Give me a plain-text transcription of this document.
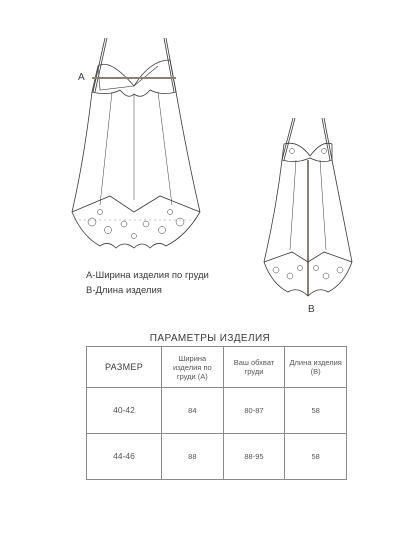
A
B
А-Ширина изделия по груди
В-Длина изделия
ПАРАМЕТРЫ ИЗДЕЛИЯ
РАЗМЕР	Ширина изделия по груди (А)	Ваш обхват груди	Длина изделия (В)
40-42	84	80-87	58
44-46	88	88-95	58
